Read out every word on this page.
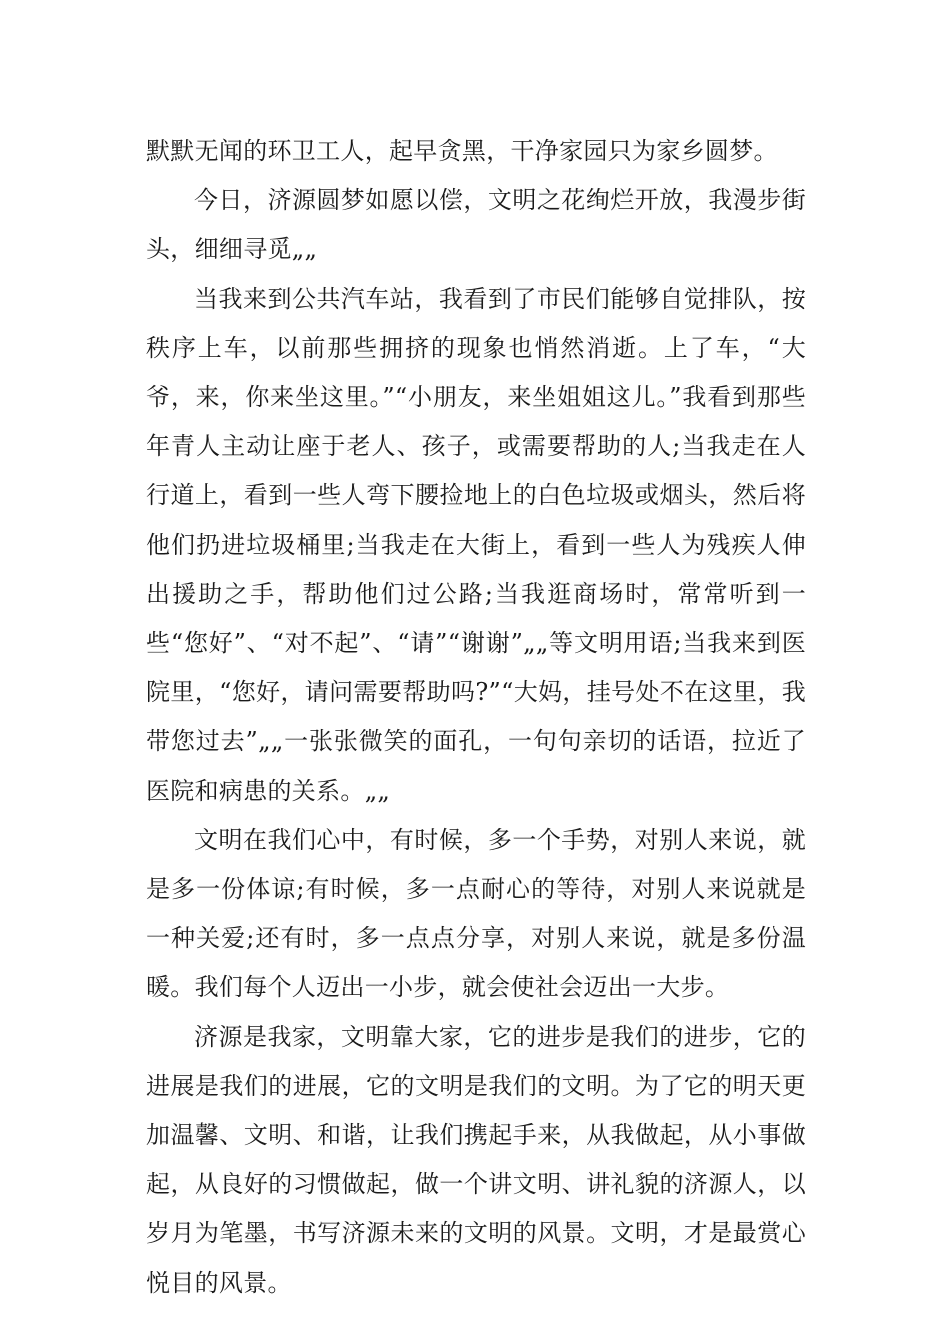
默默无闻的环卫工人，起早贪黑，干净家园只为家乡圆梦。

今日，济源圆梦如愿以偿，文明之花绚烂开放，我漫步街头，细细寻觅„„

当我来到公共汽车站，我看到了市民们能够自觉排队，按秩序上车，以前那些拥挤的现象也悄然消逝。上了车，“大爷，来，你来坐这里。”“小朋友，来坐姐姐这儿。”我看到那些年青人主动让座于老人、孩子，或需要帮助的人;当我走在人行道上，看到一些人弯下腰捡地上的白色垃圾或烟头，然后将他们扔进垃圾桶里;当我走在大街上，看到一些人为残疾人伸出援助之手，帮助他们过公路;当我逛商场时，常常听到一些“您好”、“对不起”、“请”“谢谢”„„等文明用语;当我来到医院里，“您好，请问需要帮助吗?”“大妈，挂号处不在这里，我带您过去”„„一张张微笑的面孔，一句句亲切的话语，拉近了医院和病患的关系。„„

文明在我们心中，有时候，多一个手势，对别人来说，就是多一份体谅;有时候，多一点耐心的等待，对别人来说就是一种关爱;还有时，多一点点分享，对别人来说，就是多份温暖。我们每个人迈出一小步，就会使社会迈出一大步。

济源是我家，文明靠大家，它的进步是我们的进步，它的进展是我们的进展，它的文明是我们的文明。为了它的明天更加温馨、文明、和谐，让我们携起手来，从我做起，从小事做起，从良好的习惯做起，做一个讲文明、讲礼貌的济源人，以岁月为笔墨，书写济源未来的文明的风景。文明，才是最赏心悦目的风景。
